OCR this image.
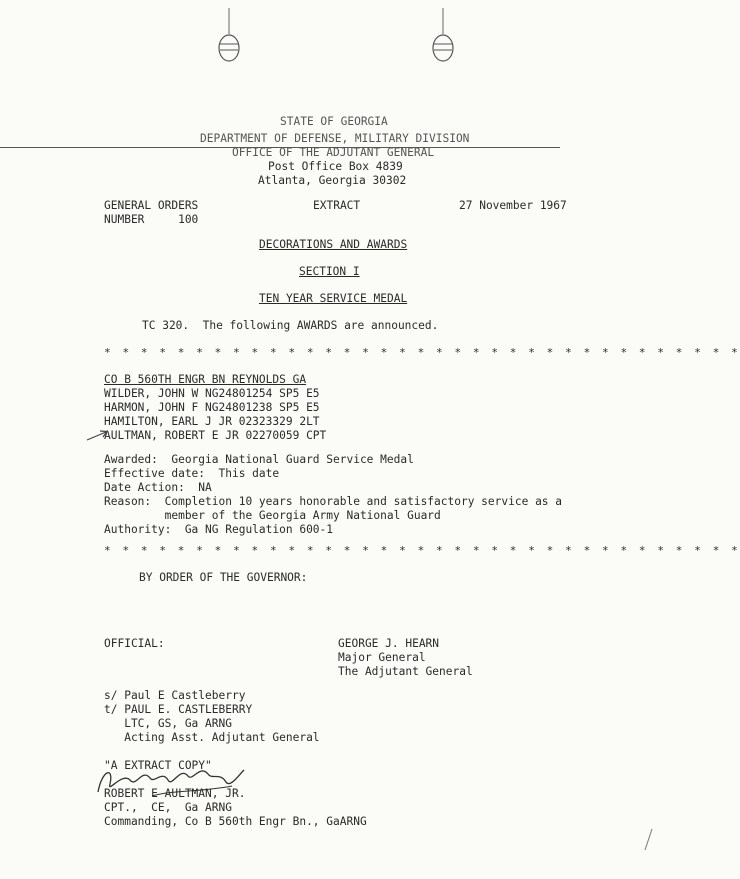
STATE OF GEORGIA
DEPARTMENT OF DEFENSE, MILITARY DIVISION
OFFICE OF THE ADJUTANT GENERAL
Post Office Box 4839
Atlanta, Georgia 30302
GENERAL ORDERS
NUMBER     100
EXTRACT	27 November 1967
DECORATIONS AND AWARDS
SECTION I
TEN YEAR SERVICE MEDAL
TC 320.  The following AWARDS are announced.
* * * * * * * * * * * * * * * * * * * * * * * * * * * * * * * * * * *
CO B 560TH ENGR BN REYNOLDS GA
WILDER, JOHN W NG24801254 SP5 E5
HARMON, JOHN F NG24801238 SP5 E5
HAMILTON, EARL J JR 02323329 2LT
AULTMAN, ROBERT E JR 02270059 CPT
Awarded:  Georgia National Guard Service Medal
Effective date:  This date
Date Action:  NA
Reason:  Completion 10 years honorable and satisfactory service as a
member of the Georgia Army National Guard
Authority:  Ga NG Regulation 600-1
* * * * * * * * * * * * * * * * * * * * * * * * * * * * * * * * * * *
BY ORDER OF THE GOVERNOR:
OFFICIAL:	GEORGE J. HEARN
Major General
The Adjutant General
s/ Paul E Castleberry
t/ PAUL E. CASTLEBERRY
LTC, GS, Ga ARNG
Acting Asst. Adjutant General
"A EXTRACT COPY"
ROBERT E AULTMAN, JR.
CPT.,  CE,  Ga ARNG
Commanding, Co B 560th Engr Bn., GaARNG
